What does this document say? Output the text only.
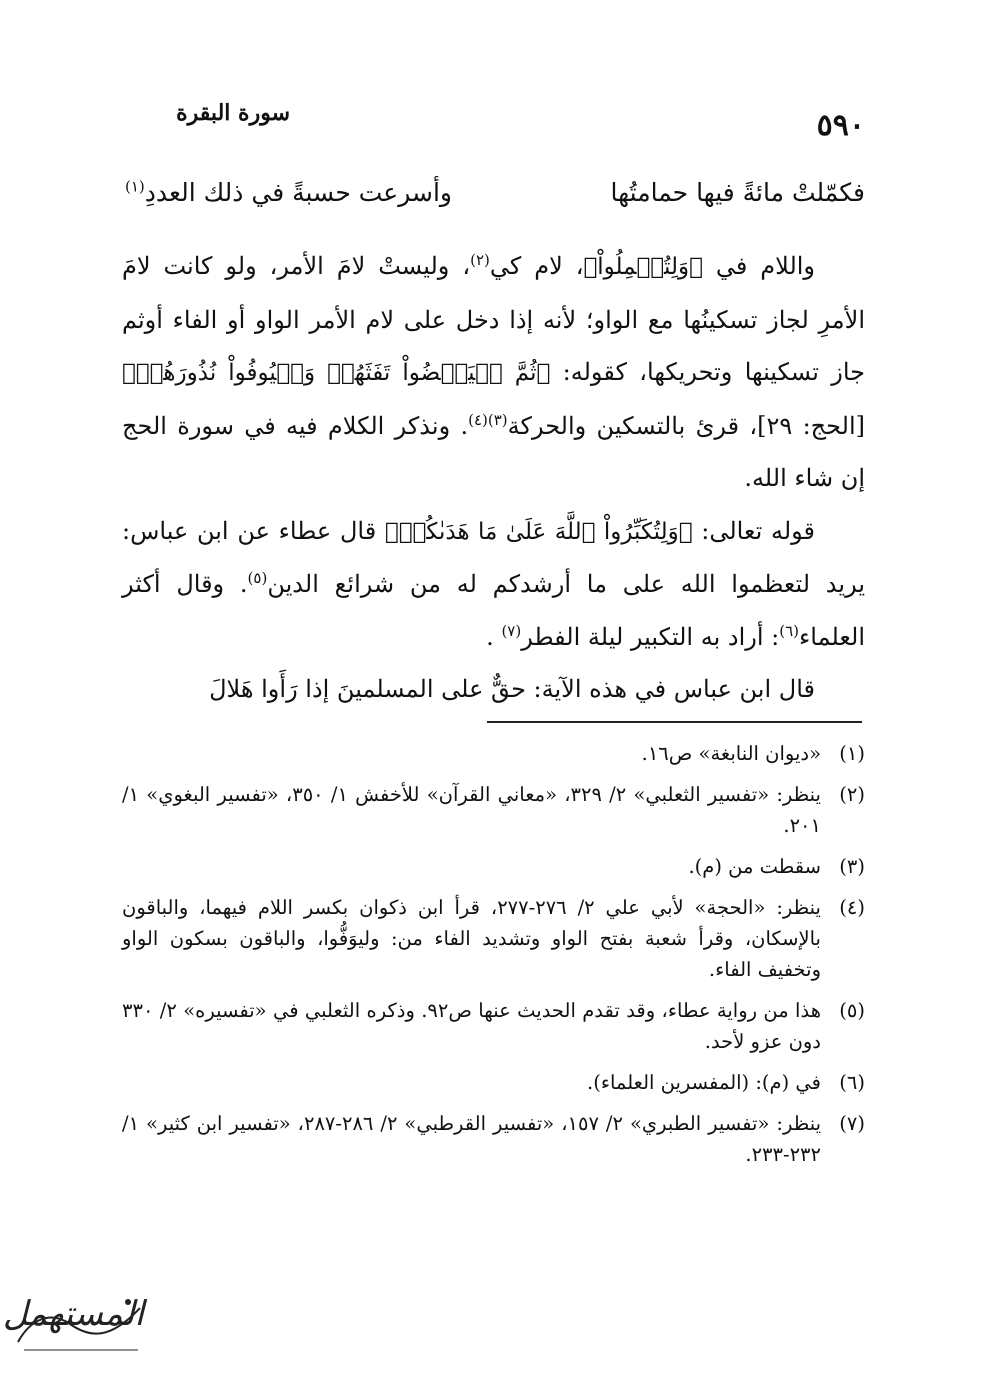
سورة البقرة	٥٩٠
فكمّلتْ مائةً فيها حمامتُها
وأسرعت حسبةً في ذلك العددِ$^{(١)}$

واللام في ﴿وَلِتُكۡمِلُواْ﴾، لام كي$^{(٢)}$، وليستْ لامَ الأمر، ولو كانت لامَ الأمرِ لجاز تسكينُها مع الواو؛ لأنه إذا دخل على لام الأمر الواو أو الفاء أوثم جاز تسكينها وتحريكها، كقوله: ﴿ثُمَّ لۡيَقۡضُواْ تَفَثَهُمۡ وَلۡيُوفُواْ نُذُورَهُمۡ﴾ [الحج: ٢٩]، قرئ بالتسكين والحركة$^{(٣)(٤)}$. ونذكر الكلام فيه في سورة الحج إن شاء الله.

قوله تعالى: ﴿وَلِتُكَبِّرُواْ ٱللَّهَ عَلَىٰ مَا هَدَىٰكُمۡ﴾ قال عطاء عن ابن عباس: يريد لتعظموا الله على ما أرشدكم له من شرائع الدين$^{(٥)}$. وقال أكثر العلماء$^{(٦)}$: أراد به التكبير ليلة الفطر$^{(٧)}$ .

قال ابن عباس في هذه الآية: حقٌّ على المسلمينَ إذا رَأَوا هَلالَ

(١)
«ديوان النابغة» ص١٦.
(٢)
ينظر: «تفسير الثعلبي» ٢/ ٣٢٩، «معاني القرآن» للأخفش ١/ ٣٥٠، «تفسير البغوي» ١/ ٢٠١.
(٣)
سقطت من (م).
(٤)
ينظر: «الحجة» لأبي علي ٢/ ٢٧٦-٢٧٧، قرأ ابن ذكوان بكسر اللام فيهما، والباقون بالإسكان، وقرأ شعبة بفتح الواو وتشديد الفاء من: وليوَفُّوا، والباقون بسكون الواو وتخفيف الفاء.
(٥)
هذا من رواية عطاء، وقد تقدم الحديث عنها ص٩٢. وذكره الثعلبي في «تفسيره» ٢/ ٣٣٠ دون عزو لأحد.
(٦)
في (م): (المفسرين العلماء).
(٧)
ينظر: «تفسير الطبري» ٢/ ١٥٧، «تفسير القرطبي» ٢/ ٢٨٦-٢٨٧، «تفسير ابن كثير» ١/ ٢٣٢-٢٣٣.
المستهمل
